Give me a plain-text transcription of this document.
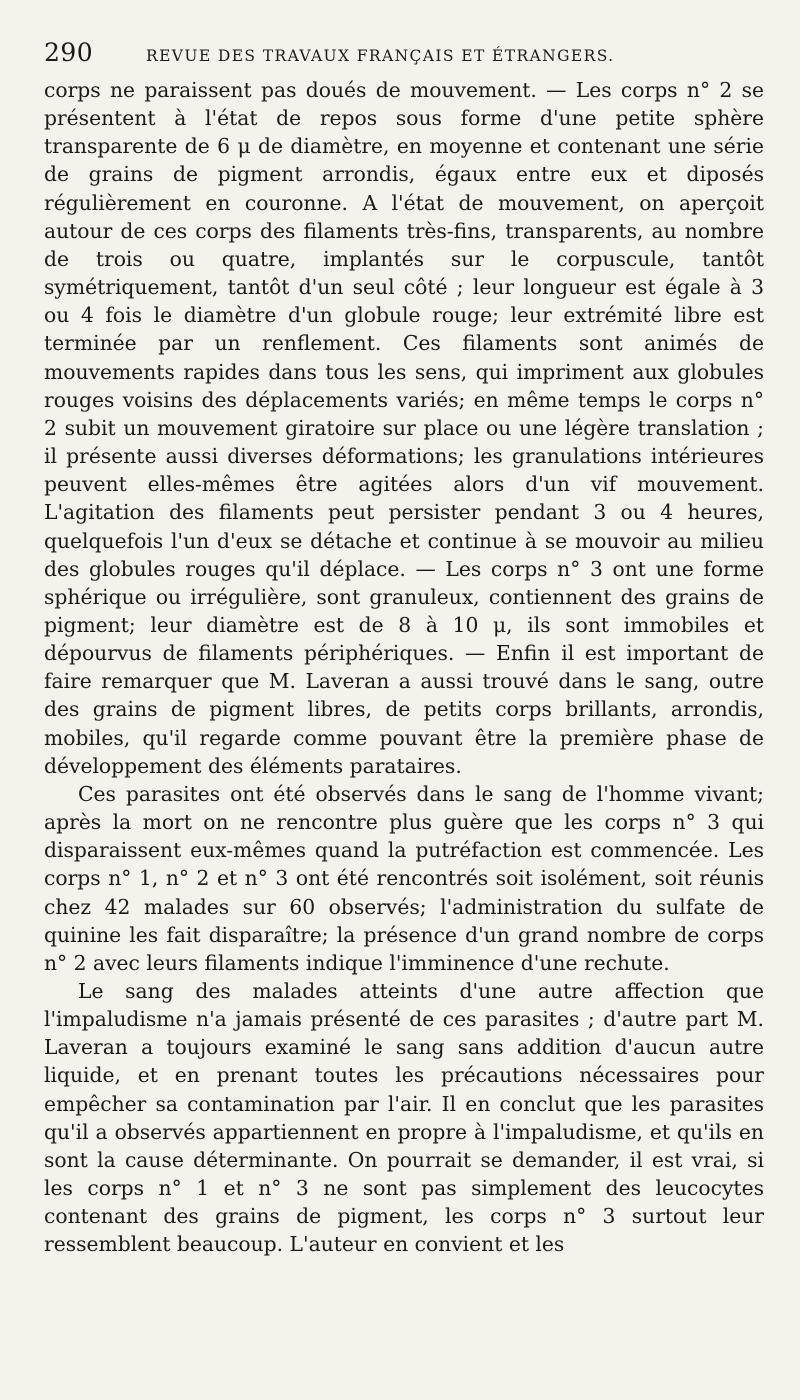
290	REVUE DES TRAVAUX FRANÇAIS ET ÉTRANGERS.

corps ne paraissent pas doués de mouvement. — Les corps n° 2 se présentent à l'état de repos sous forme d'une petite sphère transparente de 6 μ de diamètre, en moyenne et contenant une série de grains de pigment arrondis, égaux entre eux et diposés régulièrement en couronne. A l'état de mouvement, on aperçoit autour de ces corps des filaments très-fins, transparents, au nombre de trois ou quatre, implantés sur le corpuscule, tantôt symétriquement, tantôt d'un seul côté ; leur longueur est égale à 3 ou 4 fois le diamètre d'un globule rouge; leur extrémité libre est terminée par un renflement. Ces filaments sont animés de mouvements rapides dans tous les sens, qui impriment aux globules rouges voisins des déplacements variés; en même temps le corps n° 2 subit un mouvement giratoire sur place ou une légère translation ; il présente aussi diverses déformations; les granulations intérieures peuvent elles-mêmes être agitées alors d'un vif mouvement. L'agitation des filaments peut persister pendant 3 ou 4 heures, quelquefois l'un d'eux se détache et continue à se mouvoir au milieu des globules rouges qu'il déplace. — Les corps n° 3 ont une forme sphérique ou irrégulière, sont granuleux, contiennent des grains de pigment; leur diamètre est de 8 à 10 μ, ils sont immobiles et dépourvus de filaments périphériques. — Enfin il est important de faire remarquer que M. Laveran a aussi trouvé dans le sang, outre des grains de pigment libres, de petits corps brillants, arrondis, mobiles, qu'il regarde comme pouvant être la première phase de développement des éléments parataires.

Ces parasites ont été observés dans le sang de l'homme vivant; après la mort on ne rencontre plus guère que les corps n° 3 qui disparaissent eux-mêmes quand la putréfaction est commencée. Les corps n° 1, n° 2 et n° 3 ont été rencontrés soit isolément, soit réunis chez 42 malades sur 60 observés; l'administration du sulfate de quinine les fait disparaître; la présence d'un grand nombre de corps n° 2 avec leurs filaments indique l'imminence d'une rechute.

Le sang des malades atteints d'une autre affection que l'impaludisme n'a jamais présenté de ces parasites ; d'autre part M. Laveran a toujours examiné le sang sans addition d'aucun autre liquide, et en prenant toutes les précautions nécessaires pour empêcher sa contamination par l'air. Il en conclut que les parasites qu'il a observés appartiennent en propre à l'impaludisme, et qu'ils en sont la cause déterminante. On pourrait se demander, il est vrai, si les corps n° 1 et n° 3 ne sont pas simplement des leucocytes contenant des grains de pigment, les corps n° 3 surtout leur ressemblent beaucoup. L'auteur en convient et les
